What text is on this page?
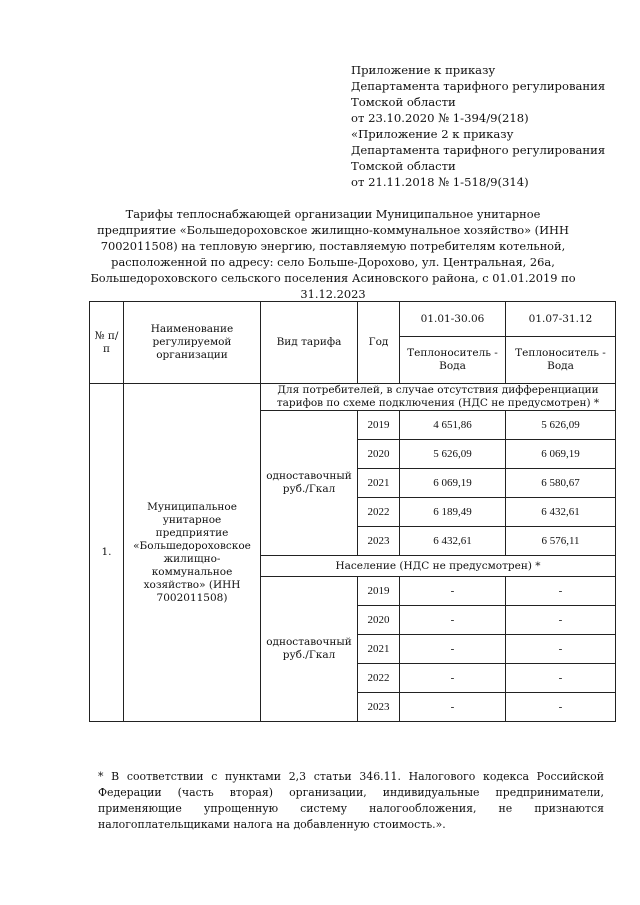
Приложение к приказу
Департамента тарифного регулирования
Томской области
от 23.10.2020 № 1-394/9(218)
«Приложение 2 к приказу
Департамента тарифного регулирования
Томской области
от 21.11.2018 № 1-518/9(314)
Тарифы теплоснабжающей организации Муниципальное унитарное предприятие «Большедороховское жилищно-коммунальное хозяйство» (ИНН 7002011508) на тепловую энергию, поставляемую потребителям котельной, расположенной по адресу: село Больше-Дорохово, ул. Центральная, 26а, Большедороховского сельского поселения Асиновского района, с 01.01.2019 по 31.12.2023
№ п/п	Наименование регулируемой организации	Вид тарифа	Год	01.01-30.06	01.07-31.12
				Теплоноситель - Вода	Теплоноситель - Вода
1.	Муниципальное унитарное предприятие «Большедороховское жилищно-коммунальное хозяйство» (ИНН 7002011508)	Для потребителей, в случае отсутствия дифференциации тарифов по схеме подключения (НДС не предусмотрен) *			
		одноставочный руб./Гкал	2019	4 651,86	5 626,09
			2020	5 626,09	6 069,19
			2021	6 069,19	6 580,67
			2022	6 189,49	6 432,61
			2023	6 432,61	6 576,11
		Население (НДС не предусмотрен) *			
		одноставочный руб./Гкал	2019	-	-
			2020	-	-
			2021	-	-
			2022	-	-
			2023	-	-
* В соответствии с пунктами 2,3 статьи 346.11. Налогового кодекса Российской Федерации (часть вторая) организации, индивидуальные предприниматели, применяющие упрощенную систему налогообложения, не признаются налогоплательщиками налога на добавленную стоимость.».
